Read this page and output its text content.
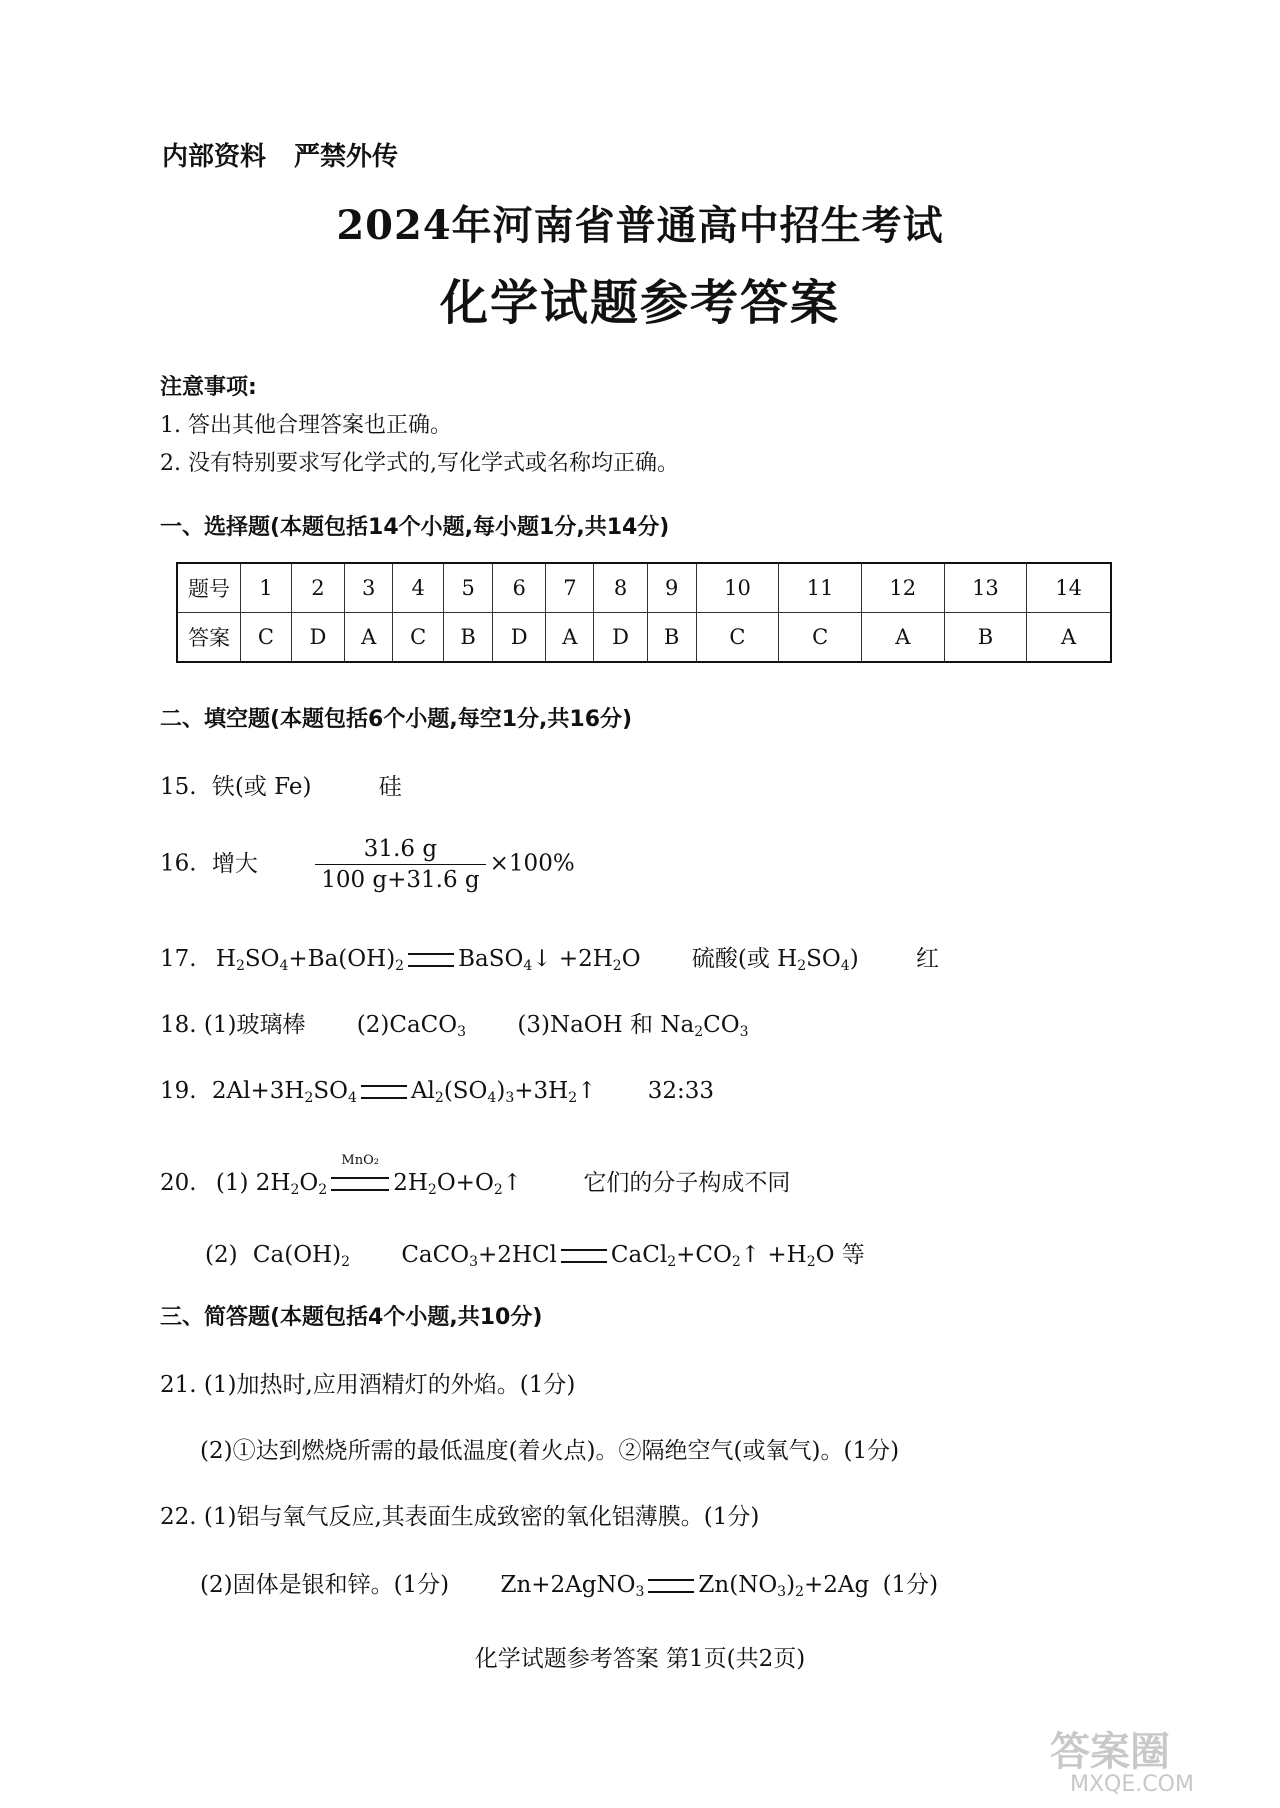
内部资料 严禁外传
2024年河南省普通高中招生考试
化学试题参考答案
注意事项:
1. 答出其他合理答案也正确。
2. 没有特别要求写化学式的,写化学式或名称均正确。
一、选择题(本题包括14个小题,每小题1分,共14分)
题号	1	2	3	4	5	6	7	8	9	10	11	12	13	14
答案	C	D	A	C	B	D	A	D	B	C	C	A	B	A
二、填空题(本题包括6个小题,每空1分,共16分)
15. 铁(或 Fe)	硅
16. 增大 $\frac{31.6 g}{100 g+31.6 g} \times 100\%$
17. $H_2SO_4+Ba(OH)_2$ BaSO$_4$↓ $+2H_2O$ 硫酸(或 $H_2SO_4$) 红
18. (1)玻璃棒 (2)CaCO$_3$ (3)NaOH 和 $Na_2CO_3$
19. $2Al+3H_2SO_4$ $Al_2(SO_4)_3+3H_2↑$ 32:33
20. (1) $2H_2O_2$
MnO₂
$2H_2O+O_2↑$	它们的分子构成不同
(2) $Ca(OH)_2$ CaCO$_3$+2HCl $CaCl_2+CO_2↑ +H_2O$ 等
三、简答题(本题包括4个小题,共10分)
21. (1)加热时,应用酒精灯的外焰。(1分)
(2)①达到燃烧所需的最低温度(着火点)。②隔绝空气(或氧气)。(1分)
22. (1)铝与氧气反应,其表面生成致密的氧化铝薄膜。(1分)
(2)固体是银和锌。(1分) Zn+2AgNO$_3$ $Zn(NO_3)_2+2Ag$ (1分)
化学试题参考答案 第1页(共2页)
答案圈
MXQE.COM
